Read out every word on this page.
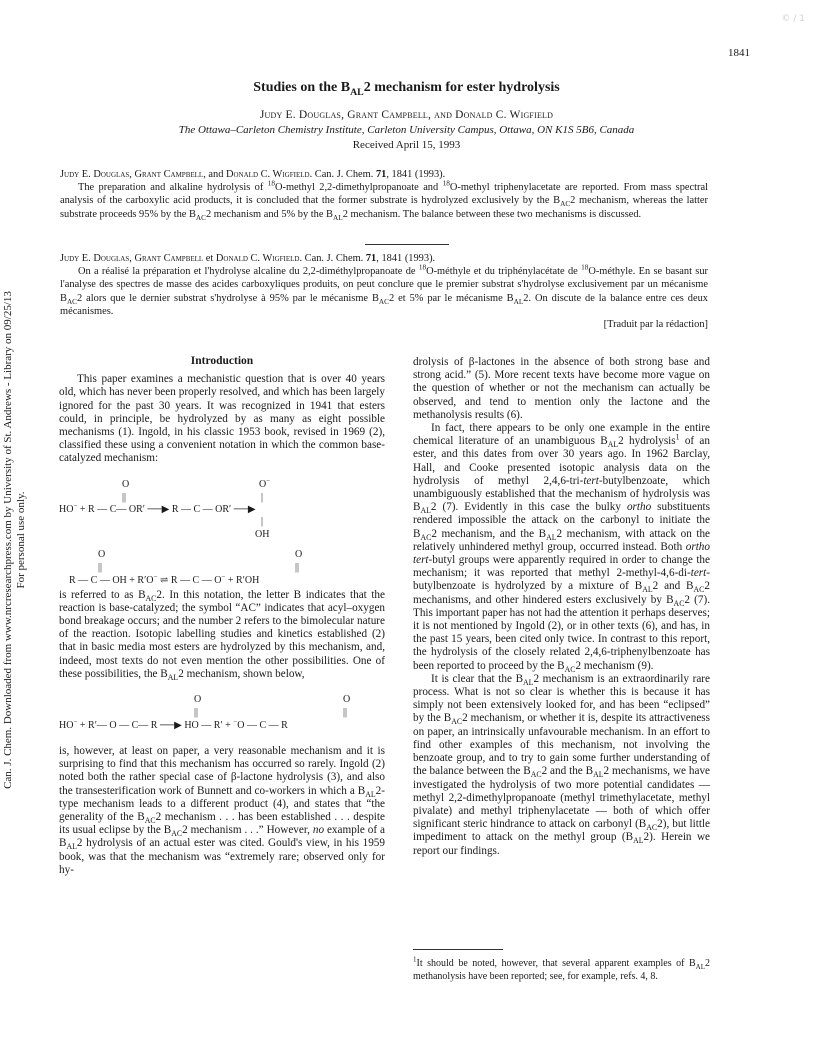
© / 1
1841
Studies on the $B_{AL}2$ mechanism for ester hydrolysis
Judy E. Douglas, Grant Campbell, and Donald C. Wigfield
The Ottawa–Carleton Chemistry Institute, Carleton University Campus, Ottawa, ON K1S 5B6, Canada
Received April 15, 1993

Judy E. Douglas, Grant Campbell, and Donald C. Wigfield. Can. J. Chem. 71, 1841 (1993).

The preparation and alkaline hydrolysis of $^{18}$O-methyl 2,2-dimethylpropanoate and $^{18}$O-methyl triphenylacetate are reported. From mass spectral analysis of the carboxylic acid products, it is concluded that the former substrate is hydrolyzed exclusively by the $B_{AC}2$ mechanism, whereas the latter substrate proceeds 95% by the $B_{AC}2$ mechanism and 5% by the $B_{AL}2$ mechanism. The balance between these two mechanisms is discussed.

Judy E. Douglas, Grant Campbell et Donald C. Wigfield. Can. J. Chem. 71, 1841 (1993).

On a réalisé la préparation et l'hydrolyse alcaline du 2,2-diméthylpropanoate de $^{18}$O-méthyle et du triphénylacétate de $^{18}$O-méthyle. En se basant sur l'analyse des spectres de masse des acides carboxyliques produits, on peut conclure que le premier substrat s'hydrolyse exclusivement par un mécanisme $B_{AC}2$ alors que le dernier substrat s'hydrolyse à 95% par le mécanisme $B_{AC}2$ et 5% par le mécanisme $B_{AL}2$. On discute de la balance entre ces deux mécanismes.

[Traduit par la rédaction]

Introduction

This paper examines a mechanistic question that is over 40 years old, which has never been properly resolved, and which has been largely ignored for the past 30 years. It was recognized in 1941 that esters could, in principle, be hydrolyzed by as many as eight possible mechanisms (1). Ingold, in his classic 1953 book, revised in 1969 (2), classified these using a convenient notation in which the common base-catalyzed mechanism:

O	O−
||	|
HO− + R — C— OR′ ──▶ R — C — OR′ ──▶
|
OH
O	O
||	||
R — C — OH + R′O− ⇌ R — C — O− + R′OH

is referred to as $B_{AC}2$. In this notation, the letter B indicates that the reaction is base-catalyzed; the symbol “AC” indicates that acyl–oxygen bond breakage occurs; and the number 2 refers to the bimolecular nature of the reaction. Isotopic labelling studies and kinetics established (2) that in basic media most esters are hydrolyzed by this mechanism, and, indeed, most texts do not even mention the other possibilities. One of these possibilities, the $B_{AL}2$ mechanism, shown below,

O	O
||	||
HO− + R′— O — C— R ──▶ HO — R′ + −O — C — R

is, however, at least on paper, a very reasonable mechanism and it is surprising to find that this mechanism has occurred so rarely. Ingold (2) noted both the rather special case of β-lactone hydrolysis (3), and also the transesterification work of Bunnett and co-workers in which a $B_{AL}2$-type mechanism leads to a different product (4), and states that “the generality of the $B_{AC}2$ mechanism . . . has been established . . . despite its usual eclipse by the $B_{AC}2$ mechanism . . .” However, no example of a $B_{AL}2$ hydrolysis of an actual ester was cited. Gould's view, in his 1959 book, was that the mechanism was “extremely rare; observed only for hy-

drolysis of β-lactones in the absence of both strong base and strong acid.” (5). More recent texts have become more vague on the question of whether or not the mechanism can actually be observed, and tend to mention only the lactone and the methanolysis results (6).

In fact, there appears to be only one example in the entire chemical literature of an unambiguous $B_{AL}2$ hydrolysis$^1$ of an ester, and this dates from over 30 years ago. In 1962 Barclay, Hall, and Cooke presented isotopic analysis data on the hydrolysis of methyl 2,4,6-tri-tert-butylbenzoate, which unambiguously established that the mechanism of hydrolysis was $B_{AL}2$ (7). Evidently in this case the bulky ortho substituents rendered impossible the attack on the carbonyl to initiate the $B_{AC}2$ mechanism, and the $B_{AL}2$ mechanism, with attack on the relatively unhindered methyl group, occurred instead. Both ortho tert-butyl groups were apparently required in order to change the mechanism; it was reported that methyl 2-methyl-4,6-di-tert-butylbenzoate is hydrolyzed by a mixture of $B_{AL}2$ and $B_{AC}2$ mechanisms, and other hindered esters exclusively by $B_{AC}2$ (7). This important paper has not had the attention it perhaps deserves; it is not mentioned by Ingold (2), or in other texts (6), and has, in the past 15 years, been cited only twice. In contrast to this report, the hydrolysis of the closely related 2,4,6-triphenylbenzoate has been reported to proceed by the $B_{AC}2$ mechanism (9).

It is clear that the $B_{AL}2$ mechanism is an extraordinarily rare process. What is not so clear is whether this is because it has simply not been extensively looked for, and has been “eclipsed” by the $B_{AC}2$ mechanism, or whether it is, despite its attractiveness on paper, an intrinsically unfavourable mechanism. In an effort to find other examples of this mechanism, not involving the benzoate group, and to try to gain some further understanding of the balance between the $B_{AC}2$ and the $B_{AL}2$ mechanisms, we have investigated the hydrolysis of two more potential candidates — methyl 2,2-dimethylpropanoate (methyl trimethylacetate, methyl pivalate) and methyl triphenylacetate — both of which offer significant steric hindrance to attack on carbonyl $(B_{AC}2)$, but little impediment to attack on the methyl group $(B_{AL}2)$. Herein we report our findings.

$^1$It should be noted, however, that several apparent examples of $B_{AL}2$ methanolysis have been reported; see, for example, refs. 4, 8.
Can. J. Chem. Downloaded from www.nrcresearchpress.com by University of St. Andrews - Library on 09/25/13 For personal use only.
